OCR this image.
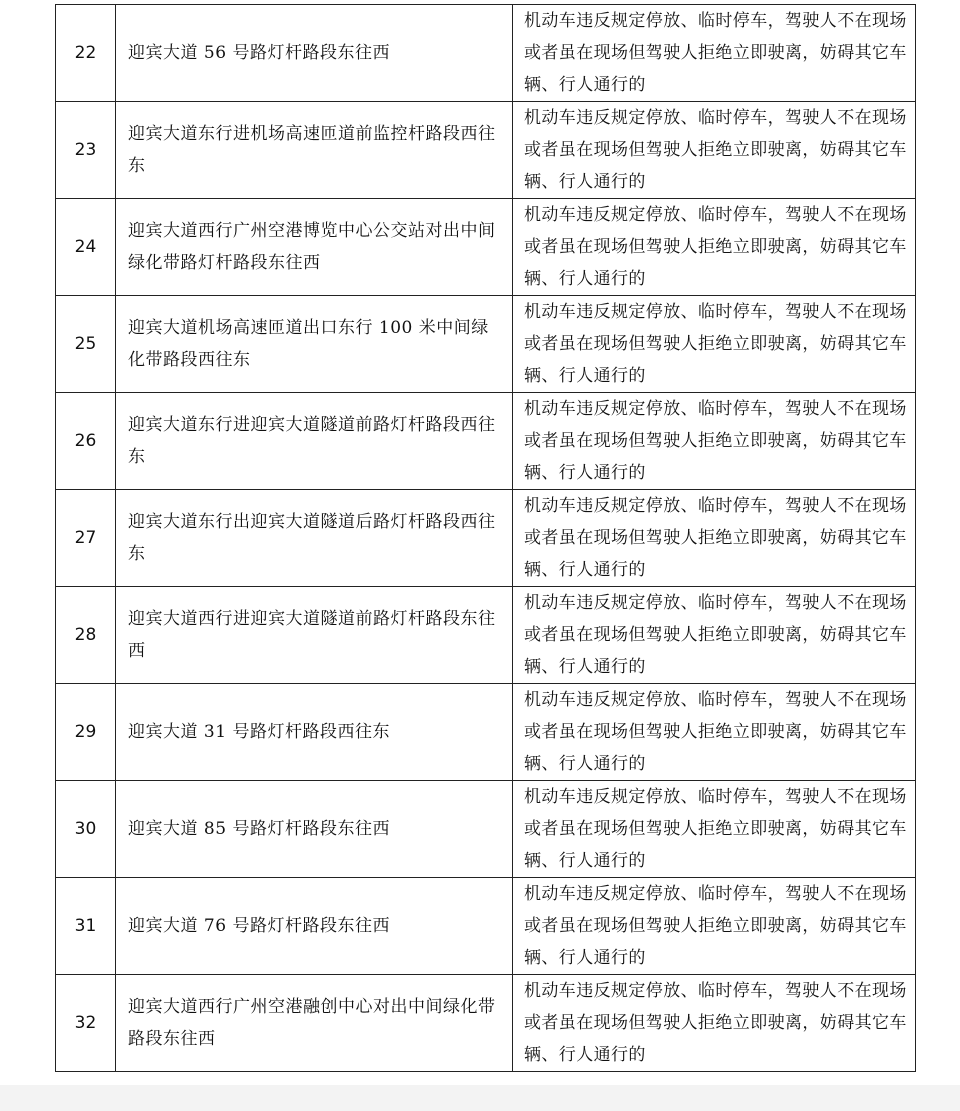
22	迎宾大道 56 号路灯杆路段东往西	机动车违反规定停放、临时停车，驾驶人不在现场或者虽在现场但驾驶人拒绝立即驶离，妨碍其它车辆、行人通行的
23	迎宾大道东行进机场高速匝道前监控杆路段西往东	机动车违反规定停放、临时停车，驾驶人不在现场或者虽在现场但驾驶人拒绝立即驶离，妨碍其它车辆、行人通行的
24	迎宾大道西行广州空港博览中心公交站对出中间绿化带路灯杆路段东往西	机动车违反规定停放、临时停车，驾驶人不在现场或者虽在现场但驾驶人拒绝立即驶离，妨碍其它车辆、行人通行的
25	迎宾大道机场高速匝道出口东行 100 米中间绿化带路段西往东	机动车违反规定停放、临时停车，驾驶人不在现场或者虽在现场但驾驶人拒绝立即驶离，妨碍其它车辆、行人通行的
26	迎宾大道东行进迎宾大道隧道前路灯杆路段西往东	机动车违反规定停放、临时停车，驾驶人不在现场或者虽在现场但驾驶人拒绝立即驶离，妨碍其它车辆、行人通行的
27	迎宾大道东行出迎宾大道隧道后路灯杆路段西往东	机动车违反规定停放、临时停车，驾驶人不在现场或者虽在现场但驾驶人拒绝立即驶离，妨碍其它车辆、行人通行的
28	迎宾大道西行进迎宾大道隧道前路灯杆路段东往西	机动车违反规定停放、临时停车，驾驶人不在现场或者虽在现场但驾驶人拒绝立即驶离，妨碍其它车辆、行人通行的
29	迎宾大道 31 号路灯杆路段西往东	机动车违反规定停放、临时停车，驾驶人不在现场或者虽在现场但驾驶人拒绝立即驶离，妨碍其它车辆、行人通行的
30	迎宾大道 85 号路灯杆路段东往西	机动车违反规定停放、临时停车，驾驶人不在现场或者虽在现场但驾驶人拒绝立即驶离，妨碍其它车辆、行人通行的
31	迎宾大道 76 号路灯杆路段东往西	机动车违反规定停放、临时停车，驾驶人不在现场或者虽在现场但驾驶人拒绝立即驶离，妨碍其它车辆、行人通行的
32	迎宾大道西行广州空港融创中心对出中间绿化带路段东往西	机动车违反规定停放、临时停车，驾驶人不在现场或者虽在现场但驾驶人拒绝立即驶离，妨碍其它车辆、行人通行的
